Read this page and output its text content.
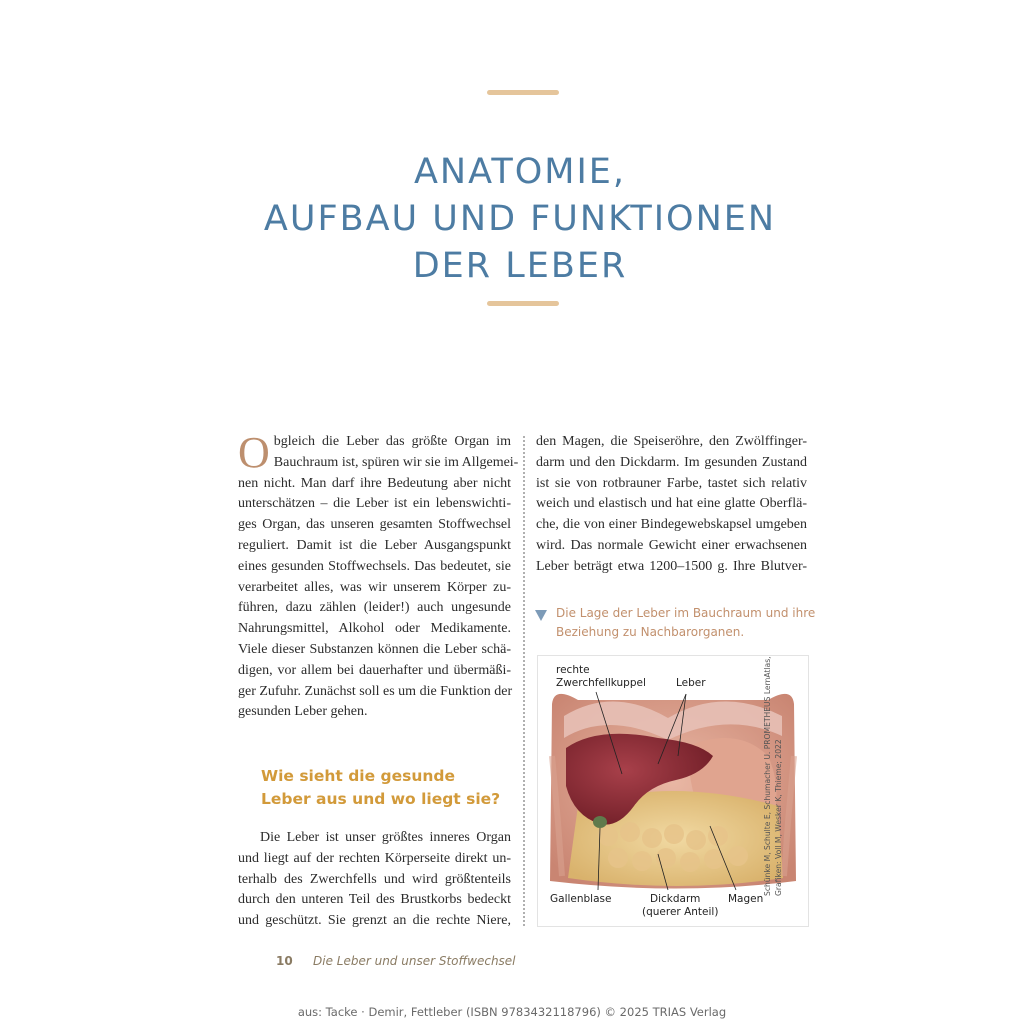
ANATOMIE,
AUFBAU UND FUNKTIONEN
DER LEBER
O bgleich die Leber das größte Organ im
Bauchraum ist, spüren wir sie im Allgemei-
nen nicht. Man darf ihre Bedeutung aber nicht
unterschätzen – die Leber ist ein lebenswichti-
ges Organ, das unseren gesamten Stoffwechsel
reguliert. Damit ist die Leber Ausgangspunkt
eines gesunden Stoffwechsels. Das bedeutet, sie
verarbeitet alles, was wir unserem Körper zu-
führen, dazu zählen (leider!) auch ungesunde
Nahrungsmittel, Alkohol oder Medikamente.
Viele dieser Substanzen können die Leber schä-
digen, vor allem bei dauerhafter und übermäßi-
ger Zufuhr. Zunächst soll es um die Funktion der
gesunden Leber gehen.
Wie sieht die gesunde
Leber aus und wo liegt sie?
Die Leber ist unser größtes inneres Organ
und liegt auf der rechten Körperseite direkt un-
terhalb des Zwerchfells und wird größtenteils
durch den unteren Teil des Brustkorbs bedeckt
und geschützt. Sie grenzt an die rechte Niere,
den Magen, die Speiseröhre, den Zwölffinger-
darm und den Dickdarm. Im gesunden Zustand
ist sie von rotbrauner Farbe, tastet sich relativ
weich und elastisch und hat eine glatte Oberflä-
che, die von einer Bindegewebskapsel umgeben
wird. Das normale Gewicht einer erwachsenen
Leber beträgt etwa 1200–1500 g. Ihre Blutver-
Die Lage der Leber im Bauchraum und ihre
Beziehung zu Nachbarorganen.
rechte
Zwerchfellkuppel	Leber
Gallenblase	Dickdarm
(querer Anteil)
Magen
Schünke M, Schulte E, Schumacher U. PROMETHEUS LernAtlas, Grafiken: Voll M, Wesker K, Thieme; 2022
10 Die Leber und unser Stoffwechsel
aus: Tacke · Demir, Fettleber (ISBN 9783432118796) © 2025 TRIAS Verlag
